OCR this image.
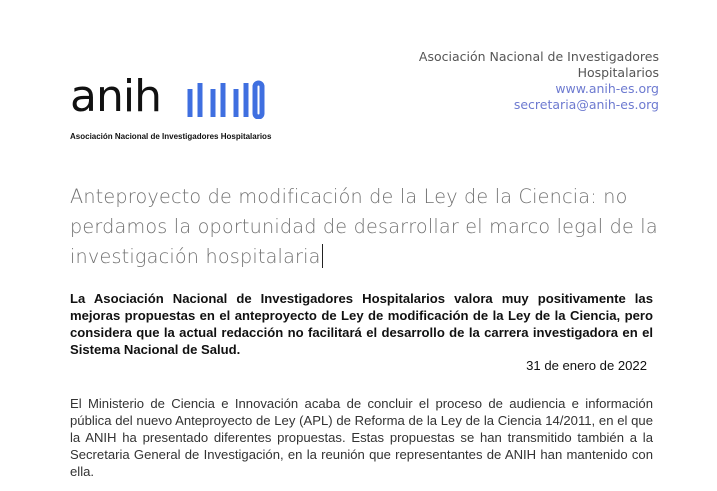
anih
Asociación Nacional de Investigadores Hospitalarios
Asociación Nacional de Investigadores
Hospitalarios
www.anih-es.org
secretaria@anih-es.org
Anteproyecto de modificación de la Ley de la Ciencia: no perdamos la oportunidad de desarrollar el marco legal de la investigación hospitalaria
La Asociación Nacional de Investigadores Hospitalarios valora muy positivamente las mejoras propuestas en el anteproyecto de Ley de modificación de la Ley de la Ciencia, pero considera que la actual redacción no facilitará el desarrollo de la carrera investigadora en el Sistema Nacional de Salud.
31 de enero de 2022
El Ministerio de Ciencia e Innovación acaba de concluir el proceso de audiencia e información pública del nuevo Anteproyecto de Ley (APL) de Reforma de la Ley de la Ciencia 14/2011, en el que la ANIH ha presentado diferentes propuestas. Estas propuestas se han transmitido también a la Secretaria General de Investigación, en la reunión que representantes de ANIH han mantenido con ella.
